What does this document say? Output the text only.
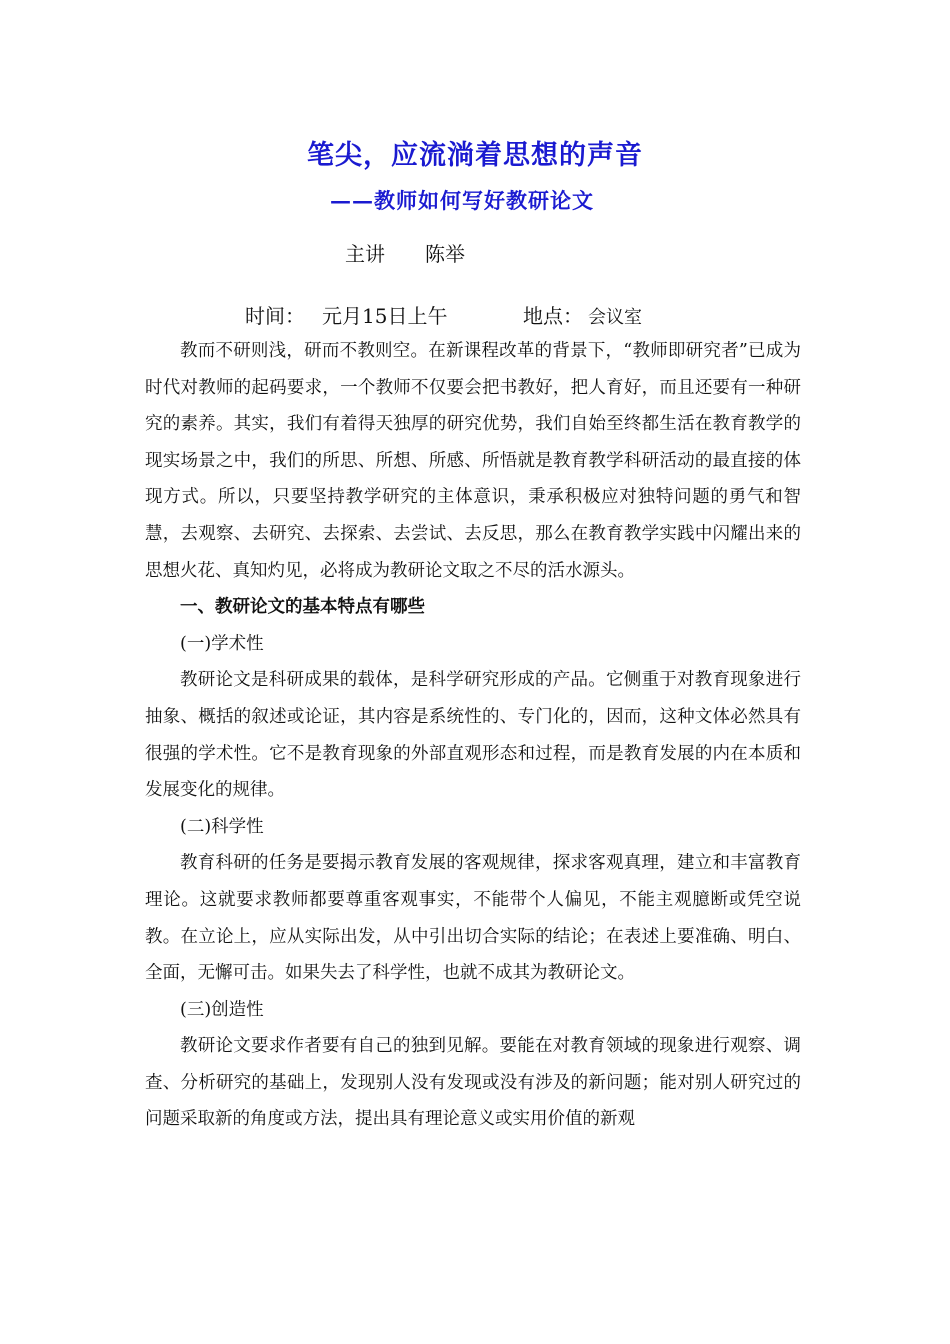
笔尖，应流淌着思想的声音
——教师如何写好教研论文
主讲 陈举
时间： 元月15日上午	地点： 会议室

教而不研则浅，研而不教则空。在新课程改革的背景下，“教师即研究者”已成为时代对教师的起码要求，一个教师不仅要会把书教好，把人育好，而且还要有一种研究的素养。其实，我们有着得天独厚的研究优势，我们自始至终都生活在教育教学的现实场景之中，我们的所思、所想、所感、所悟就是教育教学科研活动的最直接的体现方式。所以，只要坚持教学研究的主体意识，秉承积极应对独特问题的勇气和智慧，去观察、去研究、去探索、去尝试、去反思，那么在教育教学实践中闪耀出来的思想火花、真知灼见，必将成为教研论文取之不尽的活水源头。

一、教研论文的基本特点有哪些

(一)学术性

教研论文是科研成果的载体，是科学研究形成的产品。它侧重于对教育现象进行抽象、概括的叙述或论证，其内容是系统性的、专门化的，因而，这种文体必然具有很强的学术性。它不是教育现象的外部直观形态和过程，而是教育发展的内在本质和发展变化的规律。

(二)科学性

教育科研的任务是要揭示教育发展的客观规律，探求客观真理，建立和丰富教育理论。这就要求教师都要尊重客观事实，不能带个人偏见，不能主观臆断或凭空说教。在立论上，应从实际出发，从中引出切合实际的结论；在表述上要准确、明白、全面，无懈可击。如果失去了科学性，也就不成其为教研论文。

(三)创造性

教研论文要求作者要有自己的独到见解。要能在对教育领域的现象进行观察、调查、分析研究的基础上，发现别人没有发现或没有涉及的新问题；能对别人研究过的问题采取新的角度或方法，提出具有理论意义或实用价值的新观
